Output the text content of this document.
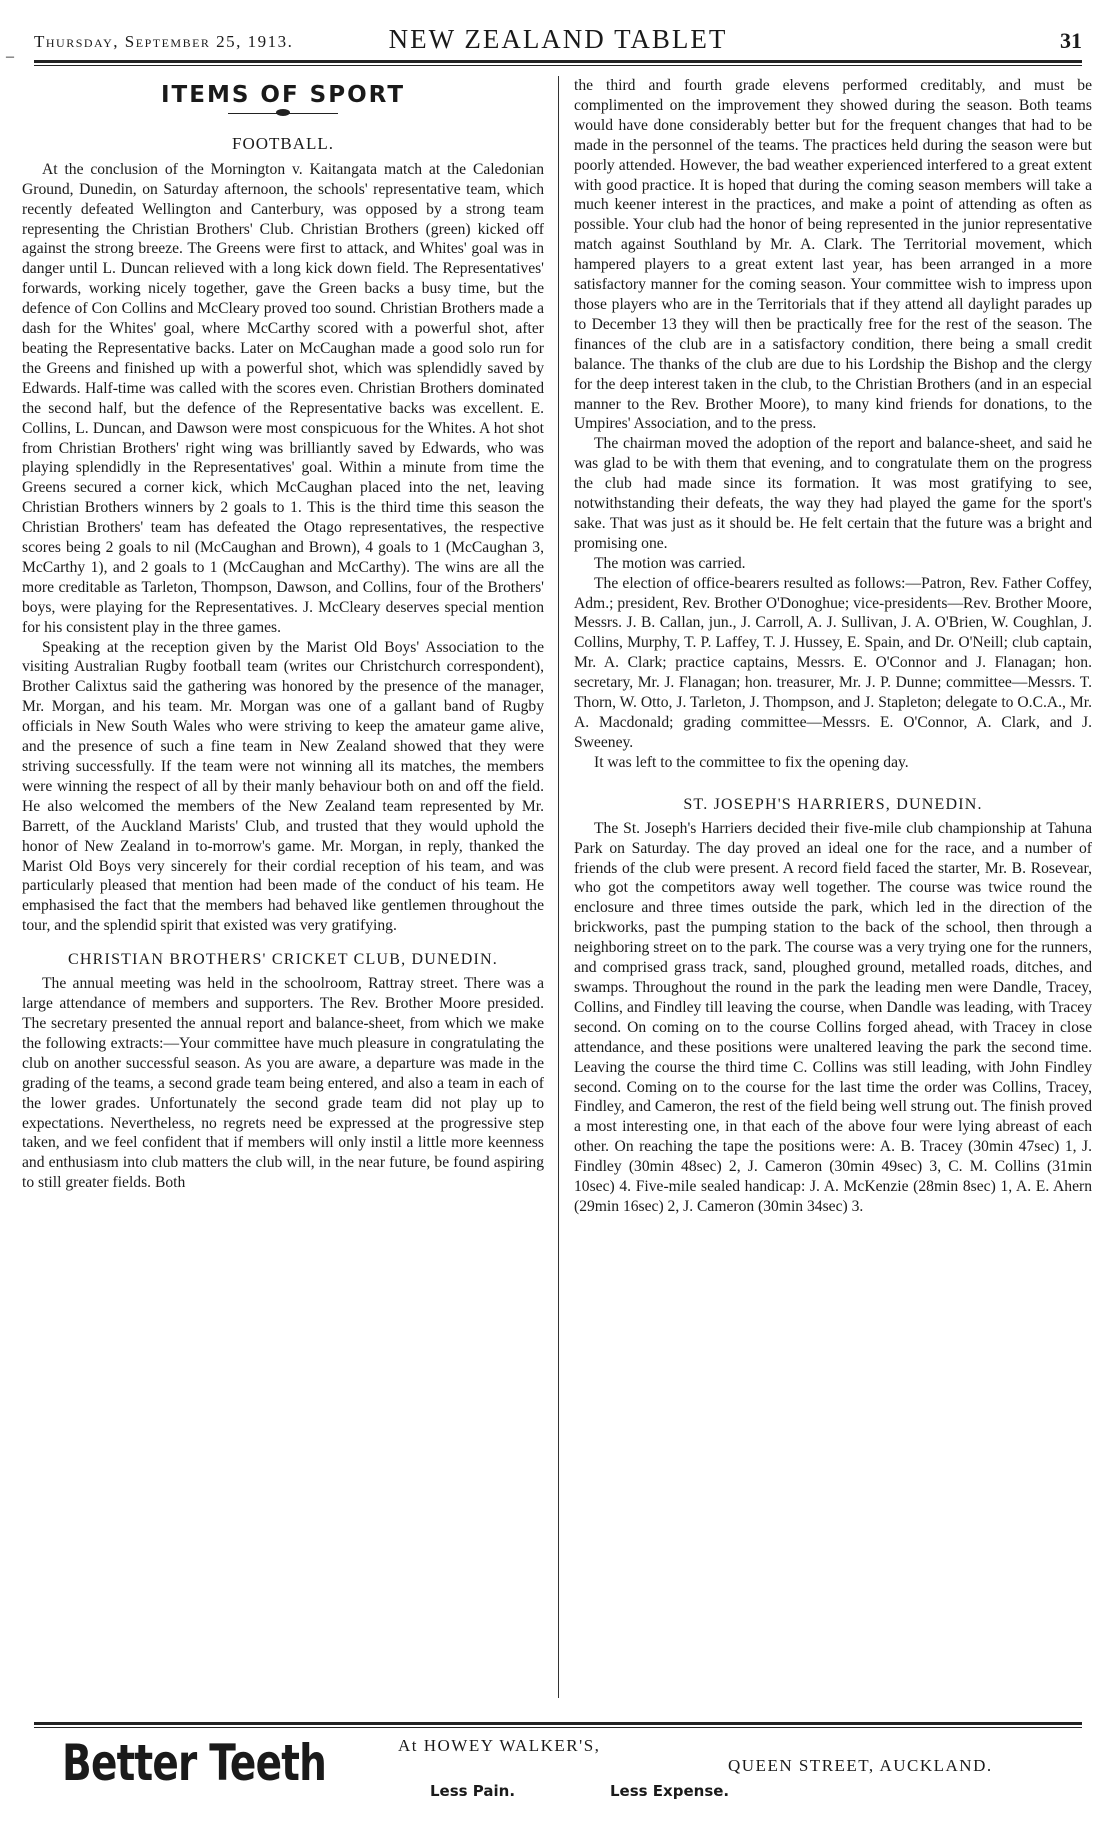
–
Thursday, September 25, 1913.	NEW ZEALAND TABLET	31
ITEMS OF SPORT
FOOTBALL.

At the conclusion of the Mornington v. Kaitangata match at the Caledonian Ground, Dunedin, on Saturday afternoon, the schools' representative team, which recently defeated Wellington and Canterbury, was opposed by a strong team representing the Christian Brothers' Club. Christian Brothers (green) kicked off against the strong breeze. The Greens were first to attack, and Whites' goal was in danger until L. Duncan relieved with a long kick down field. The Representatives' forwards, working nicely together, gave the Green backs a busy time, but the defence of Con Collins and McCleary proved too sound. Christian Brothers made a dash for the Whites' goal, where McCarthy scored with a powerful shot, after beating the Representative backs. Later on McCaughan made a good solo run for the Greens and finished up with a powerful shot, which was splendidly saved by Edwards. Half-time was called with the scores even. Christian Brothers dominated the second half, but the defence of the Representative backs was excellent. E. Collins, L. Duncan, and Dawson were most conspicuous for the Whites. A hot shot from Christian Brothers' right wing was brilliantly saved by Edwards, who was playing splendidly in the Representatives' goal. Within a minute from time the Greens secured a corner kick, which McCaughan placed into the net, leaving Christian Brothers winners by 2 goals to 1. This is the third time this season the Christian Brothers' team has defeated the Otago representatives, the respective scores being 2 goals to nil (McCaughan and Brown), 4 goals to 1 (McCaughan 3, McCarthy 1), and 2 goals to 1 (McCaughan and McCarthy). The wins are all the more creditable as Tarleton, Thompson, Dawson, and Collins, four of the Brothers' boys, were playing for the Representatives. J. McCleary deserves special mention for his consistent play in the three games.

Speaking at the reception given by the Marist Old Boys' Association to the visiting Australian Rugby football team (writes our Christchurch correspondent), Brother Calixtus said the gathering was honored by the presence of the manager, Mr. Morgan, and his team. Mr. Morgan was one of a gallant band of Rugby officials in New South Wales who were striving to keep the amateur game alive, and the presence of such a fine team in New Zealand showed that they were striving successfully. If the team were not winning all its matches, the members were winning the respect of all by their manly behaviour both on and off the field. He also welcomed the members of the New Zealand team represented by Mr. Barrett, of the Auckland Marists' Club, and trusted that they would uphold the honor of New Zealand in to-morrow's game. Mr. Morgan, in reply, thanked the Marist Old Boys very sincerely for their cordial reception of his team, and was particularly pleased that mention had been made of the conduct of his team. He emphasised the fact that the members had behaved like gentlemen throughout the tour, and the splendid spirit that existed was very gratifying.

CHRISTIAN BROTHERS' CRICKET CLUB, DUNEDIN.

The annual meeting was held in the schoolroom, Rattray street. There was a large attendance of members and supporters. The Rev. Brother Moore presided. The secretary presented the annual report and balance-sheet, from which we make the following extracts:—Your committee have much pleasure in congratulating the club on another successful season. As you are aware, a departure was made in the grading of the teams, a second grade team being entered, and also a team in each of the lower grades. Unfortunately the second grade team did not play up to expectations. Nevertheless, no regrets need be expressed at the progressive step taken, and we feel confident that if members will only instil a little more keenness and enthusiasm into club matters the club will, in the near future, be found aspiring to still greater fields. Both

the third and fourth grade elevens performed creditably, and must be complimented on the improvement they showed during the season. Both teams would have done considerably better but for the frequent changes that had to be made in the personnel of the teams. The practices held during the season were but poorly attended. However, the bad weather experienced interfered to a great extent with good practice. It is hoped that during the coming season members will take a much keener interest in the practices, and make a point of attending as often as possible. Your club had the honor of being represented in the junior representative match against Southland by Mr. A. Clark. The Territorial movement, which hampered players to a great extent last year, has been arranged in a more satisfactory manner for the coming season. Your committee wish to impress upon those players who are in the Territorials that if they attend all daylight parades up to December 13 they will then be practically free for the rest of the season. The finances of the club are in a satisfactory condition, there being a small credit balance. The thanks of the club are due to his Lordship the Bishop and the clergy for the deep interest taken in the club, to the Christian Brothers (and in an especial manner to the Rev. Brother Moore), to many kind friends for donations, to the Umpires' Association, and to the press.

The chairman moved the adoption of the report and balance-sheet, and said he was glad to be with them that evening, and to congratulate them on the progress the club had made since its formation. It was most gratifying to see, notwithstanding their defeats, the way they had played the game for the sport's sake. That was just as it should be. He felt certain that the future was a bright and promising one.

The motion was carried.

The election of office-bearers resulted as follows:—Patron, Rev. Father Coffey, Adm.; president, Rev. Brother O'Donoghue; vice-presidents—Rev. Brother Moore, Messrs. J. B. Callan, jun., J. Carroll, A. J. Sullivan, J. A. O'Brien, W. Coughlan, J. Collins, Murphy, T. P. Laffey, T. J. Hussey, E. Spain, and Dr. O'Neill; club captain, Mr. A. Clark; practice captains, Messrs. E. O'Connor and J. Flanagan; hon. secretary, Mr. J. Flanagan; hon. treasurer, Mr. J. P. Dunne; committee—Messrs. T. Thorn, W. Otto, J. Tarleton, J. Thompson, and J. Stapleton; delegate to O.C.A., Mr. A. Macdonald; grading committee—Messrs. E. O'Connor, A. Clark, and J. Sweeney.

It was left to the committee to fix the opening day.

ST. JOSEPH'S HARRIERS, DUNEDIN.

The St. Joseph's Harriers decided their five-mile club championship at Tahuna Park on Saturday. The day proved an ideal one for the race, and a number of friends of the club were present. A record field faced the starter, Mr. B. Rosevear, who got the competitors away well together. The course was twice round the enclosure and three times outside the park, which led in the direction of the brickworks, past the pumping station to the back of the school, then through a neighboring street on to the park. The course was a very trying one for the runners, and comprised grass track, sand, ploughed ground, metalled roads, ditches, and swamps. Throughout the round in the park the leading men were Dandle, Tracey, Collins, and Findley till leaving the course, when Dandle was leading, with Tracey second. On coming on to the course Collins forged ahead, with Tracey in close attendance, and these positions were unaltered leaving the park the second time. Leaving the course the third time C. Collins was still leading, with John Findley second. Coming on to the course for the last time the order was Collins, Tracey, Findley, and Cameron, the rest of the field being well strung out. The finish proved a most interesting one, in that each of the above four were lying abreast of each other. On reaching the tape the positions were: A. B. Tracey (30min 47sec) 1, J. Findley (30min 48sec) 2, J. Cameron (30min 49sec) 3, C. M. Collins (31min 10sec) 4. Five-mile sealed handicap: J. A. McKenzie (28min 8sec) 1, A. E. Ahern (29min 16sec) 2, J. Cameron (30min 34sec) 3.

Better Teeth	At HOWEY WALKER'S,
QUEEN STREET, AUCKLAND.
Less Pain.	Less Expense.
